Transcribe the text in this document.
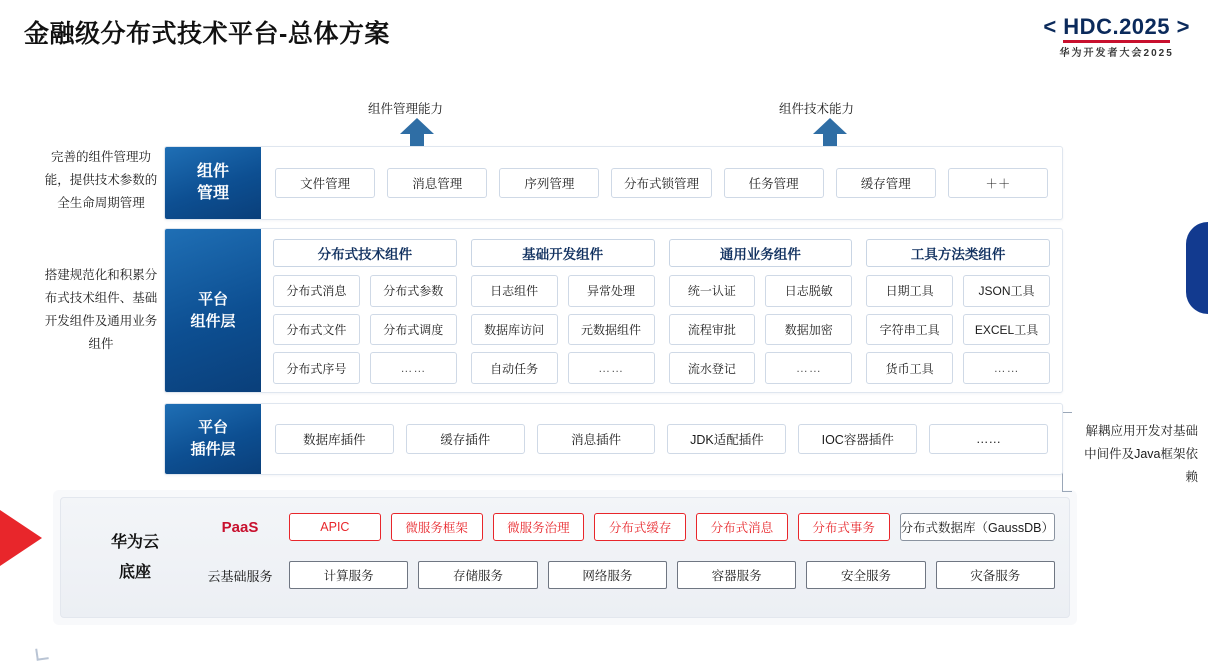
金融级分布式技术平台-总体方案	< HDC.2025 >
华为开发者大会2025
组件管理能力	组件技术能力
完善的组件管理功能，提供技术参数的全生命周期管理
搭建规范化和积累分布式技术组件、基础开发组件及通用业务组件
解耦应用开发对基础中间件及Java框架依赖
组件
管理
文件管理	消息管理	序列管理	分布式锁管理	任务管理	缓存管理	＋＋
平台
组件层
分布式技术组件
分布式消息	分布式参数
分布式文件	分布式调度
分布式序号	……
基础开发组件
日志组件	异常处理
数据库访问	元数据组件
自动任务	……
通用业务组件
统一认证	日志脱敏
流程审批	数据加密
流水登记	……
工具方法类组件
日期工具	JSON工具
字符串工具	EXCEL工具
货币工具	……
平台
插件层
数据库插件	缓存插件	消息插件	JDK适配插件	IOC容器插件	……
华为云
底座
PaaS	APIC	微服务框架	微服务治理	分布式缓存	分布式消息	分布式事务	分布式数据库（GaussDB）
云基础服务	计算服务	存储服务	网络服务	容器服务	安全服务	灾备服务
